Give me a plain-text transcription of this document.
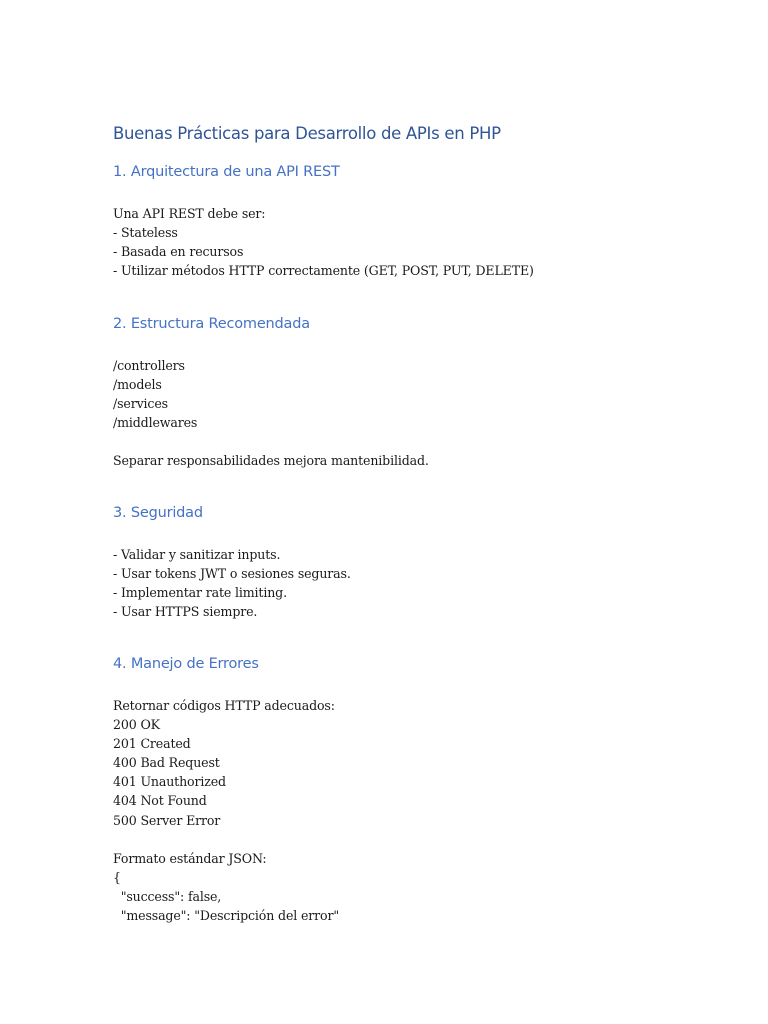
Buenas Prácticas para Desarrollo de APIs en PHP
1. Arquitectura de una API REST
Una API REST debe ser:
- Stateless
- Basada en recursos
- Utilizar métodos HTTP correctamente (GET, POST, PUT, DELETE)
2. Estructura Recomendada
/controllers
/models
/services
/middlewares
Separar responsabilidades mejora mantenibilidad.
3. Seguridad
- Validar y sanitizar inputs.
- Usar tokens JWT o sesiones seguras.
- Implementar rate limiting.
- Usar HTTPS siempre.
4. Manejo de Errores
Retornar códigos HTTP adecuados:
200 OK
201 Created
400 Bad Request
401 Unauthorized
404 Not Found
500 Server Error
Formato estándar JSON:
{
"success": false,
"message": "Descripción del error"
